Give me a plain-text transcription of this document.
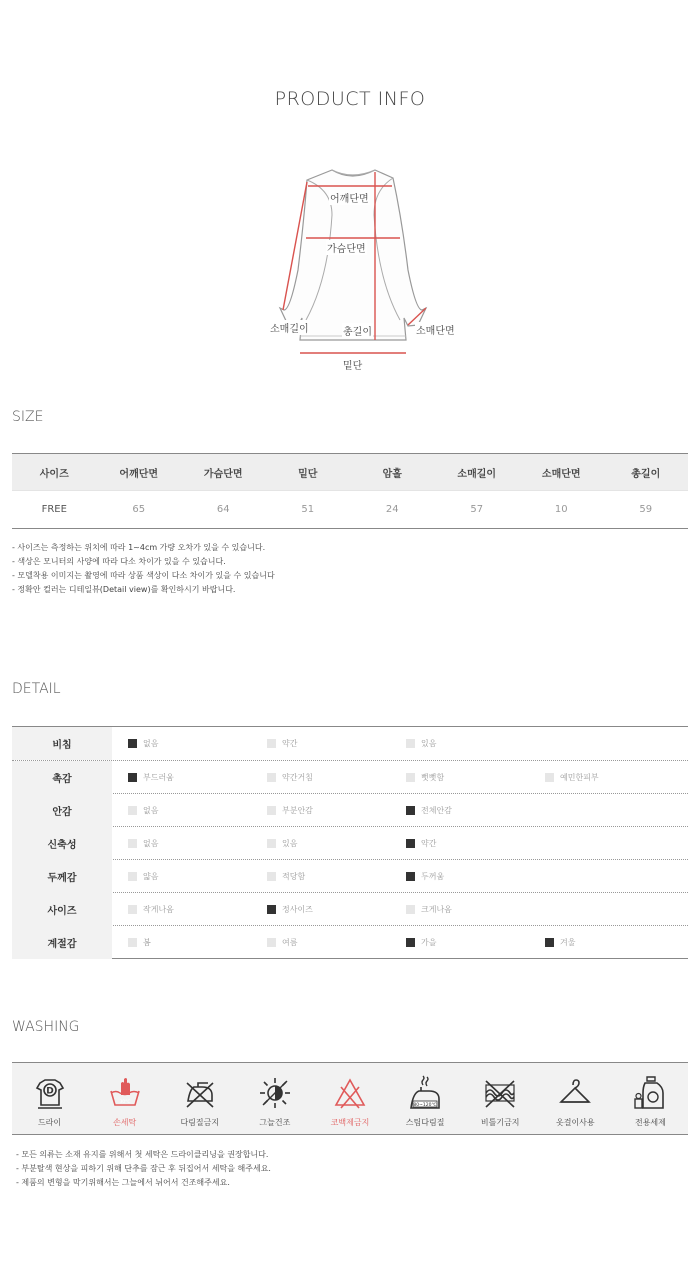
PRODUCT INFO
어깨단면
가슴단면
소매길이	총길이	소매단면
밑단
SIZE
사이즈	어깨단면	가슴단면	밑단	암홀	소매길이	소매단면	총길이
FREE	65	64	51	24	57	10	59
- 사이즈는 측정하는 위치에 따라 1~4cm 가량 오차가 있을 수 있습니다.
- 색상은 모니터의 사양에 따라 다소 차이가 있을 수 있습니다.
- 모델착용 이미지는 촬영에 따라 상품 색상이 다소 차이가 있을 수 있습니다
- 정확안 컬러는 디테일뷰(Detail view)를 확인하시기 바랍니다.
DETAIL
비침	없음	약간	있음
촉감	부드러움	약간거침	뻣뻣함	예민한피부
안감	없음	부분안감	전체안감
신축성	없음	있음	약간
두께감	얇음	적당함	두꺼움
사이즈	작게나옴	정사이즈	크게나옴
계절감	봄	여름	가을	겨울
WASHING
D
드라이
30°C
손세탁	다림질금지	그늘건조	코백제금지
80~120℃
스팀다림질	비틀기금지	옷걸이사용	전용세제
- 모든 의류는 소재 유지를 위해서 첫 세탁은 드라이클리닝을 권장합니다.
- 부분탈색 현상을 피하기 위해 단추를 잠근 후 뒤집어서 세탁을 해주세요.
- 제품의 변형을 막기위해서는 그늘에서 뉘어서 건조해주세요.
